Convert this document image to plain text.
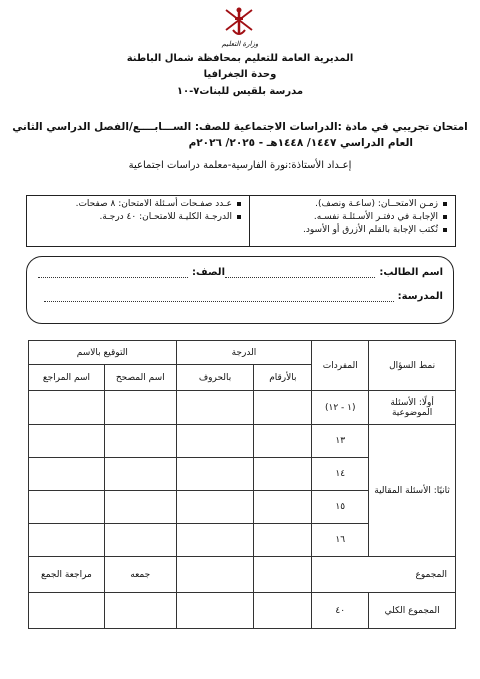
وزارة التعليم
المديرية العامة للتعليم بمحافظة شمال الباطنة
وحدة الجغرافيا
مدرسة بلقيس للبنات٧-١٠
امتحان تجريبي في مادة :الدراسات الاجتماعية للصف: الســـابــــع/الفصل الدراسي الثاني
العام الدراسي ١٤٤٧/ ١٤٤٨هـ - ٢٠٢٥/ ٢٠٢٦م
إعـداد الأستاذة:نورة الفارسية-معلمة دراسات اجتماعية
زمـن الامتحــان: (ساعـة ونصف).
الإجابـة في دفتـر الأسـئلـة نفسـه.
تُكتب الإجابة بالقلم الأزرق أو الأسود.
عـدد صفـحات أسـئلة الامتحان: ٨ صفحات.
الدرجـة الكليـة للامتحـان: ٤٠ درجـة.
اسم الطالب:
الصف:
المدرسة:
نمط السؤال	المفردات	الدرجة		التوقيع بالاسم	
		بالأرقام	بالحروف	اسم المصحح	اسم المراجع
أولًا: الأسئلة الموضوعية	(١ - ١٢)				
ثانيًا: الأسئلة المقالية	١٣				
	١٤				
	١٥				
	١٦				
المجموع				جمعه	مراجعة الجمع
المجموع الكلي	٤٠				
